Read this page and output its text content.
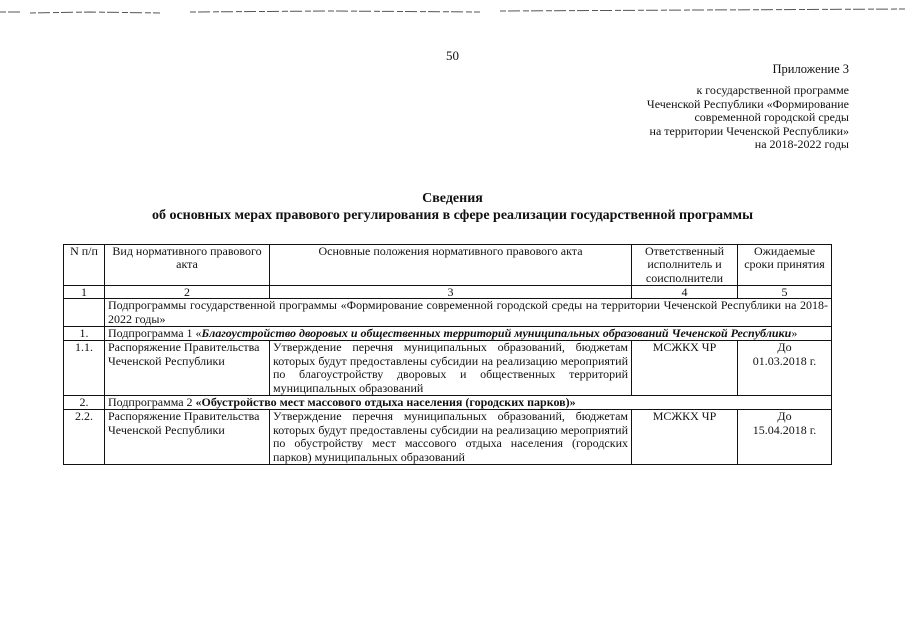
50
Приложение 3
к государственной программе
Чеченской Республики «Формирование
современной городской среды
на территории Чеченской Республики»
на 2018-2022 годы
Сведения
об основных мерах правового регулирования в сфере реализации государственной программы
N п/п	Вид нормативного правового акта	Основные положения нормативного правового акта	Ответственный исполнитель и соисполнители	Ожидаемые сроки принятия
1	2	3	4	5
	Подпрограммы государственной программы «Формирование современной городской среды на территории Чеченской Республики на 2018-2022 годы»			
1.	Подпрограмма 1 «Благоустройство дворовых и общественных территорий муниципальных образований Чеченской Республики»			
1.1.	Распоряжение Правительства Чеченской Республики	Утверждение перечня муниципальных образований, бюджетам которых будут предоставлены субсидии на реализацию мероприятий по благоустройству дворовых и общественных территорий муниципальных образований	МСЖКХ ЧР	До
01.03.2018 г.

2.	Подпрограмма 2 «Обустройство мест массового отдыха населения (городских парков)»			
2.2.	Распоряжение Правительства Чеченской Республики	Утверждение перечня муниципальных образований, бюджетам которых будут предоставлены субсидии на реализацию мероприятий по обустройству мест массового отдыха населения (городских парков) муниципальных образований	МСЖКХ ЧР	До
15.04.2018 г.
